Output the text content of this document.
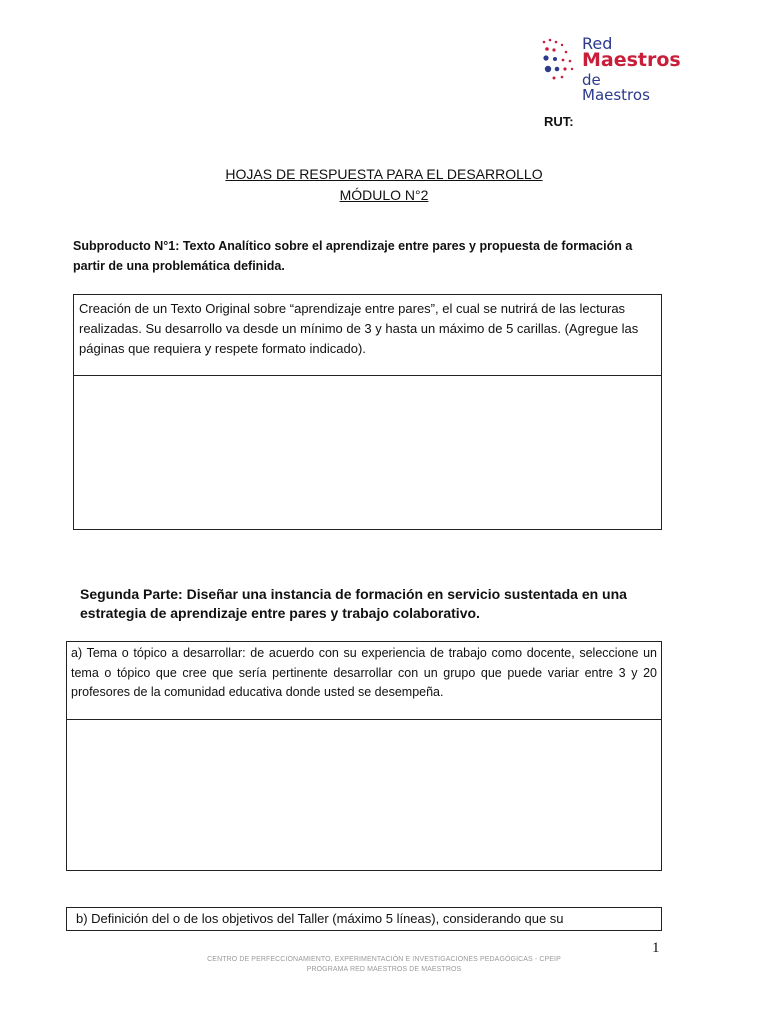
Red
Maestros
de Maestros
RUT:
HOJAS DE RESPUESTA PARA EL DESARROLLO
MÓDULO N°2
Subproducto N°1: Texto Analítico sobre el aprendizaje entre pares y propuesta de formación a partir de una problemática definida.
Creación de un Texto Original sobre “aprendizaje entre pares”, el cual se nutrirá de las lecturas realizadas. Su desarrollo va desde un mínimo de 3 y hasta un máximo de 5 carillas. (Agregue las páginas que requiera y respete formato indicado).
Segunda Parte: Diseñar una instancia de formación en servicio sustentada en una estrategia de aprendizaje entre pares y trabajo colaborativo.
a) Tema o tópico a desarrollar: de acuerdo con su experiencia de trabajo como docente, seleccione un tema o tópico que cree que sería pertinente desarrollar con un grupo que puede variar entre 3 y 20 profesores de la comunidad educativa donde usted se desempeña.
b) Definición del o de los objetivos del Taller (máximo 5 líneas), considerando que su
1
CENTRO DE PERFECCIONAMIENTO, EXPERIMENTACIÓN E INVESTIGACIONES PEDAGÓGICAS - CPEIP
PROGRAMA RED MAESTROS DE MAESTROS
